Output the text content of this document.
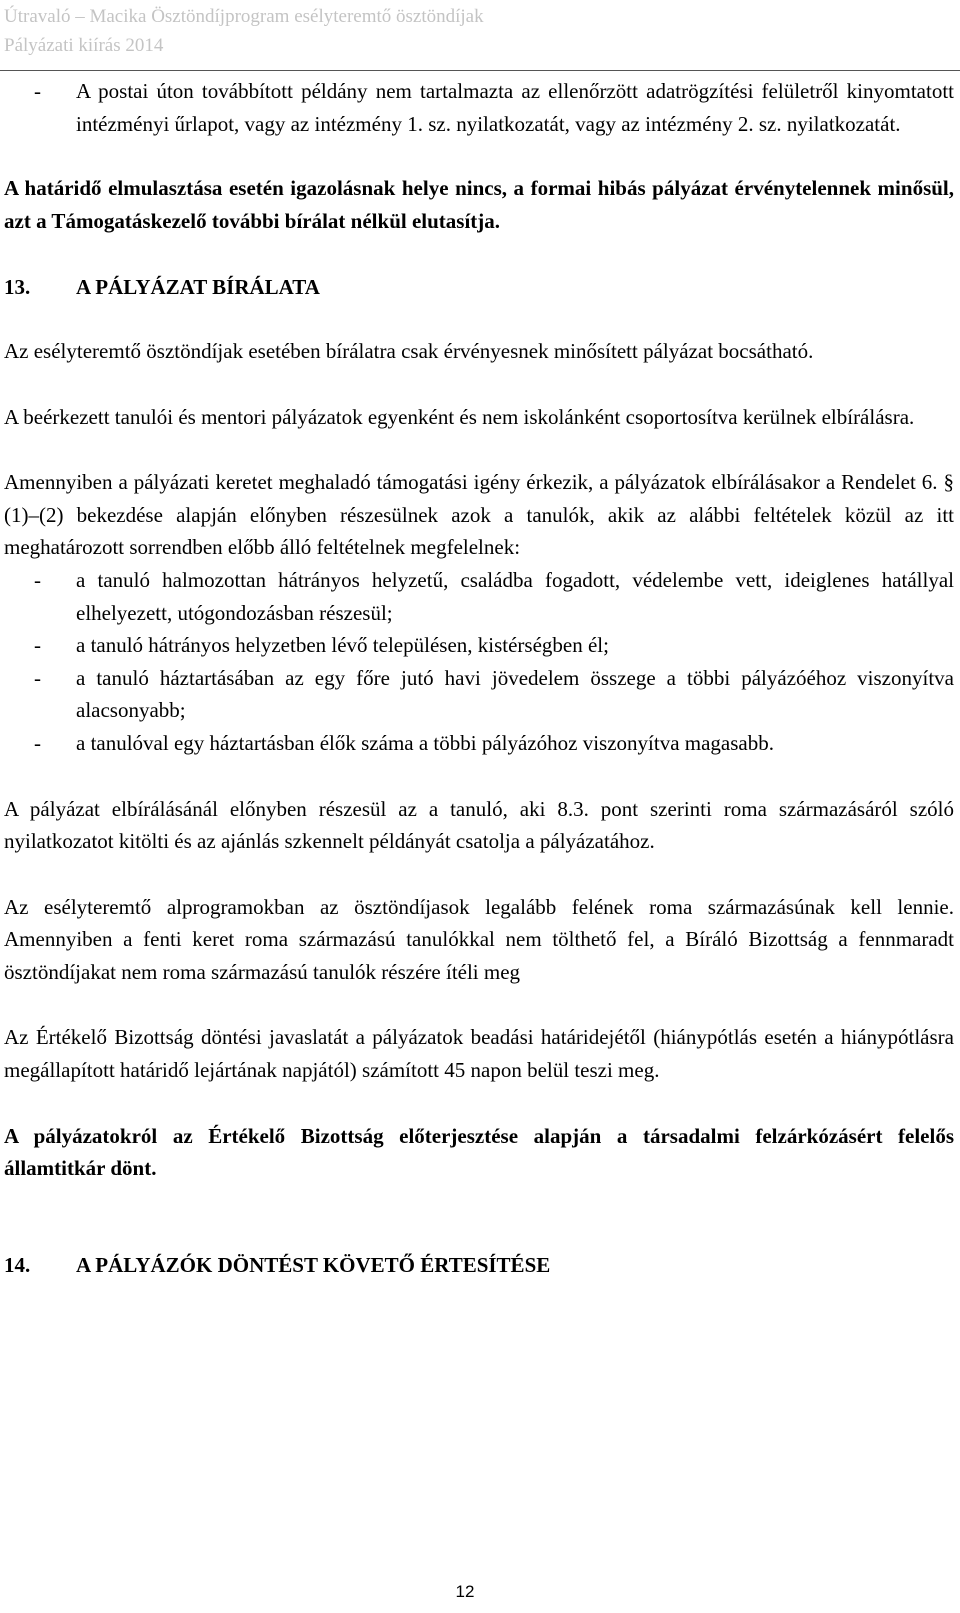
Útravaló – Macika Ösztöndíjprogram esélyteremtő ösztöndíjak
Pályázati kiírás 2014
-	A postai úton továbbított példány nem tartalmazta az ellenőrzött adatrögzítési felületről kinyomtatott intézményi űrlapot, vagy az intézmény 1. sz. nyilatkozatát, vagy az intézmény 2. sz. nyilatkozatát.

A határidő elmulasztása esetén igazolásnak helye nincs, a formai hibás pályázat érvénytelennek minősül, azt a Támogatáskezelő további bírálat nélkül elutasítja.

13.	A PÁLYÁZAT BÍRÁLATA

Az esélyteremtő ösztöndíjak esetében bírálatra csak érvényesnek minősített pályázat bocsátható.

A beérkezett tanulói és mentori pályázatok egyenként és nem iskolánként csoportosítva kerülnek elbírálásra.

Amennyiben a pályázati keretet meghaladó támogatási igény érkezik, a pályázatok elbírálásakor a Rendelet 6. § (1)–(2) bekezdése alapján előnyben részesülnek azok a tanulók, akik az alábbi feltételek közül az itt meghatározott sorrendben előbb álló feltételnek megfelelnek:

-	a tanuló halmozottan hátrányos helyzetű, családba fogadott, védelembe vett, ideiglenes hatállyal elhelyezett, utógondozásban részesül;
-	a tanuló hátrányos helyzetben lévő településen, kistérségben él;
-	a tanuló háztartásában az egy főre jutó havi jövedelem összege a többi pályázóéhoz viszonyítva alacsonyabb;
-	a tanulóval egy háztartásban élők száma a többi pályázóhoz viszonyítva magasabb.

A pályázat elbírálásánál előnyben részesül az a tanuló, aki 8.3. pont szerinti roma származásáról szóló nyilatkozatot kitölti és az ajánlás szkennelt példányát csatolja a pályázatához.

Az esélyteremtő alprogramokban az ösztöndíjasok legalább felének roma származásúnak kell lennie. Amennyiben a fenti keret roma származású tanulókkal nem tölthető fel, a Bíráló Bizottság a fennmaradt ösztöndíjakat nem roma származású tanulók részére ítéli meg

Az Értékelő Bizottság döntési javaslatát a pályázatok beadási határidejétől (hiánypótlás esetén a hiánypótlásra megállapított határidő lejártának napjától) számított 45 napon belül teszi meg.

A pályázatokról az Értékelő Bizottság előterjesztése alapján a társadalmi felzárkózásért felelős államtitkár dönt.

14.	A PÁLYÁZÓK DÖNTÉST KÖVETŐ ÉRTESÍTÉSE
12
